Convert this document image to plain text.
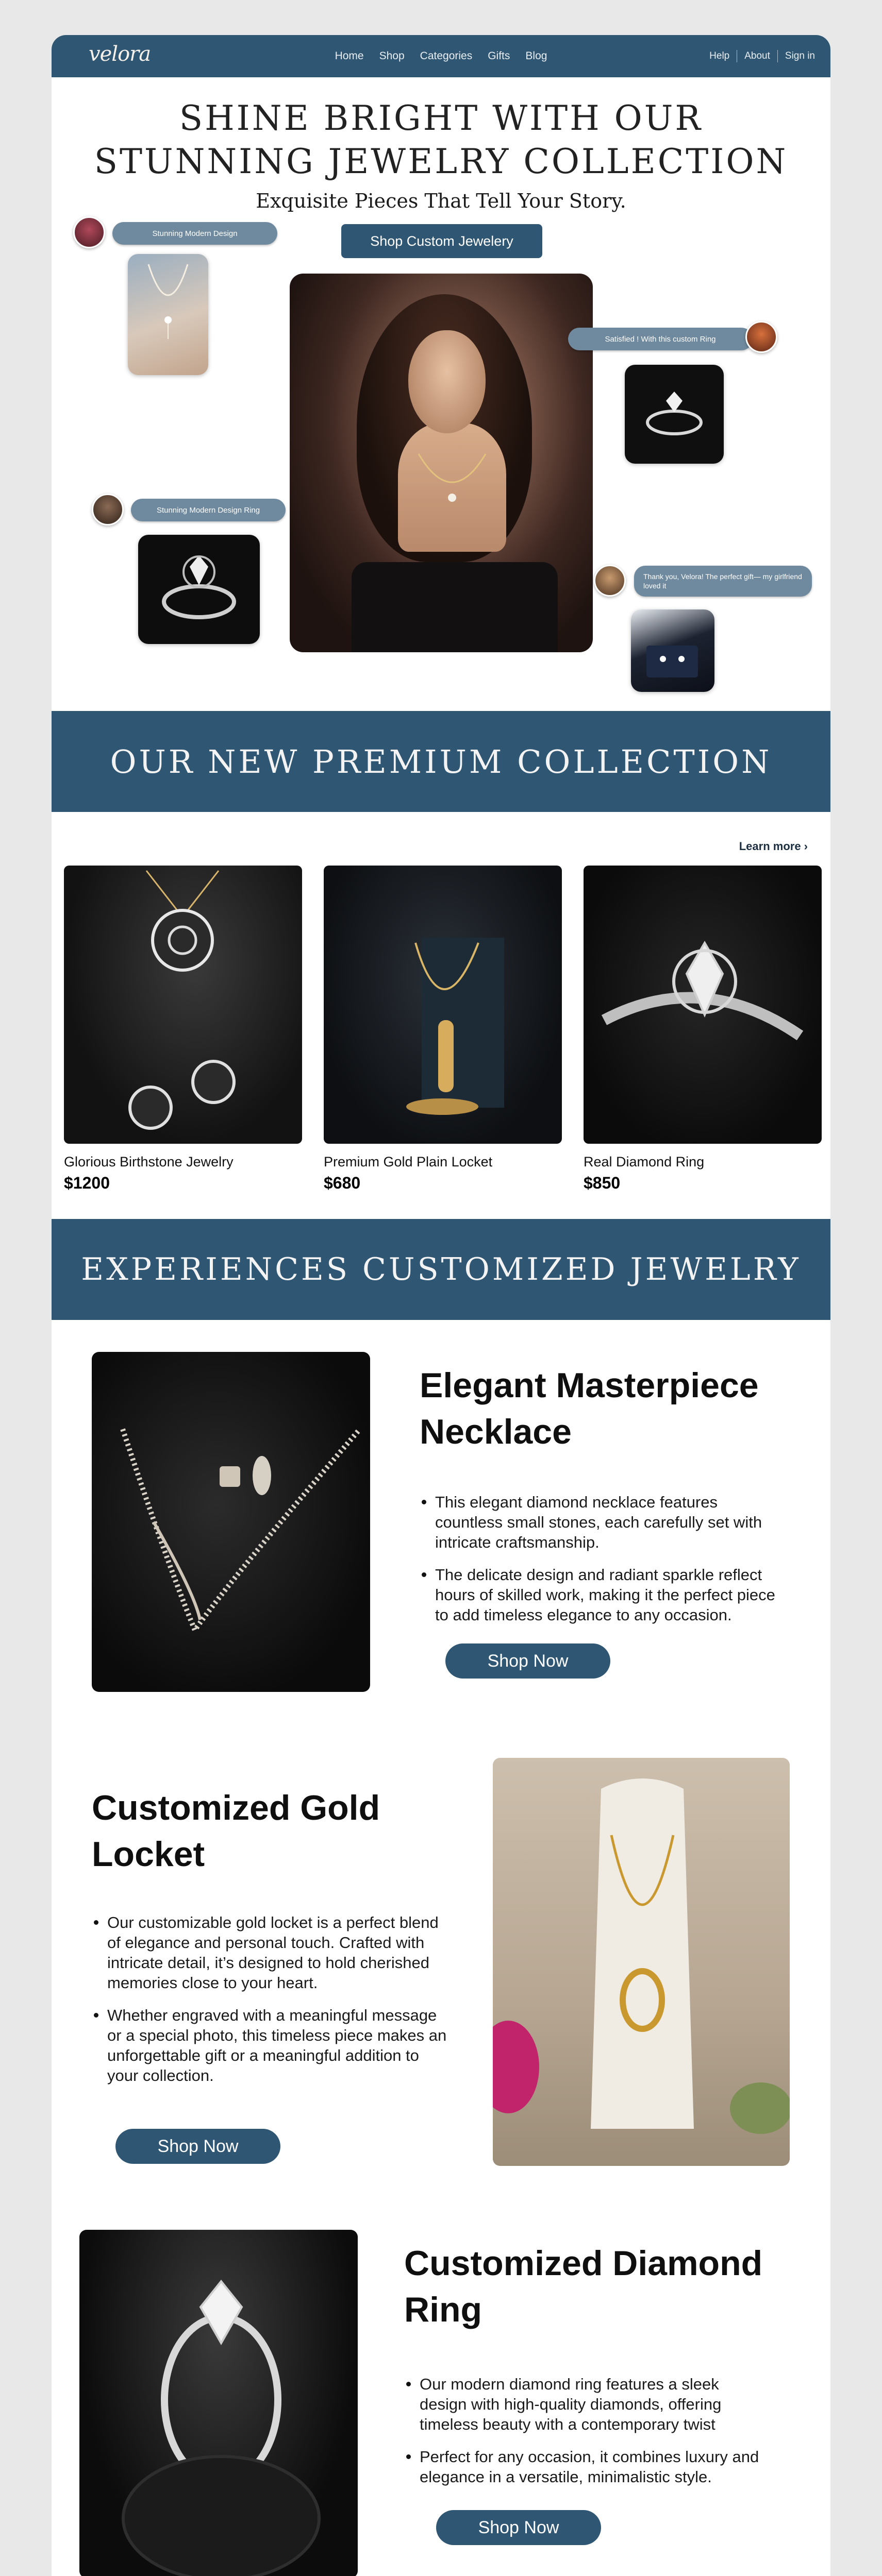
velora	Home Shop Categories Gifts Blog	Help About Sign in
SHINE BRIGHT WITH OUR
STUNNING JEWELRY COLLECTION
Exquisite Pieces That Tell Your Story.
Shop Custom Jewelery
Stunning Modern Design
Satisfied ! With this custom Ring
Stunning Modern Design Ring
Thank you, Velora! The perfect gift— my girlfriend loved it
OUR NEW PREMIUM COLLECTION
Learn more ›
Glorious Birthstone Jewelry
$1200
Premium Gold Plain Locket
$680
Real Diamond Ring
$850
EXPERIENCES CUSTOMIZED JEWELRY
Elegant Masterpiece
Necklace
This elegant diamond necklace features countless small stones, each carefully set with intricate craftsmanship.
The delicate design and radiant sparkle reflect hours of skilled work, making it the perfect piece to add timeless elegance to any occasion.
Shop Now
Customized Gold
Locket
Our customizable gold locket is a perfect blend of elegance and personal touch. Crafted with intricate detail, it’s designed to hold cherished memories close to your heart.
Whether engraved with a meaningful message or a special photo, this timeless piece makes an unforgettable gift or a meaningful addition to your collection.
Shop Now
Customized Diamond
Ring
Our modern diamond ring features a sleek design with high-quality diamonds, offering timeless beauty with a contemporary twist
Perfect for any occasion, it combines luxury and elegance in a versatile, minimalistic style.
Shop Now
